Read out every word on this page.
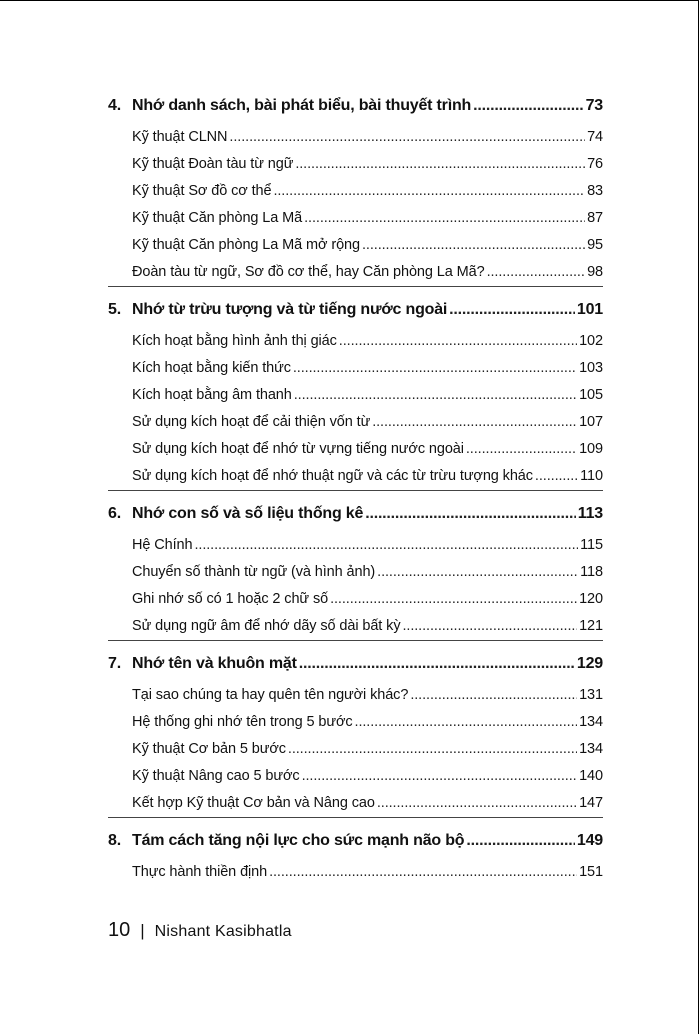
4. Nhớ danh sách, bài phát biểu, bài thuyết trình .....	73
Kỹ thuật CLNN .....	74
Kỹ thuật Đoàn tàu từ ngữ .....	76
Kỹ thuật Sơ đồ cơ thể .....	83
Kỹ thuật Căn phòng La Mã .....	87
Kỹ thuật Căn phòng La Mã mở rộng .....	95
Đoàn tàu từ ngữ, Sơ đồ cơ thể, hay Căn phòng La Mã? .....	98
5. Nhớ từ trừu tượng và từ tiếng nước ngoài .....	101
Kích hoạt bằng hình ảnh thị giác .....	102
Kích hoạt bằng kiến thức .....	103
Kích hoạt bằng âm thanh .....	105
Sử dụng kích hoạt để cải thiện vốn từ .....	107
Sử dụng kích hoạt để nhớ từ vựng tiếng nước ngoài .....	109
Sử dụng kích hoạt để nhớ thuật ngữ và các từ trừu tượng khác .....	110
6. Nhớ con số và số liệu thống kê .....	113
Hệ Chính .....	115
Chuyển số thành từ ngữ (và hình ảnh) .....	118
Ghi nhớ số có 1 hoặc 2 chữ số .....	120
Sử dụng ngữ âm để nhớ dãy số dài bất kỳ .....	121
7. Nhớ tên và khuôn mặt .....	129
Tại sao chúng ta hay quên tên người khác? .....	131
Hệ thống ghi nhớ tên trong 5 bước .....	134
Kỹ thuật Cơ bản 5 bước .....	134
Kỹ thuật Nâng cao 5 bước .....	140
Kết hợp Kỹ thuật Cơ bản và Nâng cao .....	147
8. Tám cách tăng nội lực cho sức mạnh não bộ .....	149
Thực hành thiền định .....	151
10 | Nishant Kasibhatla
